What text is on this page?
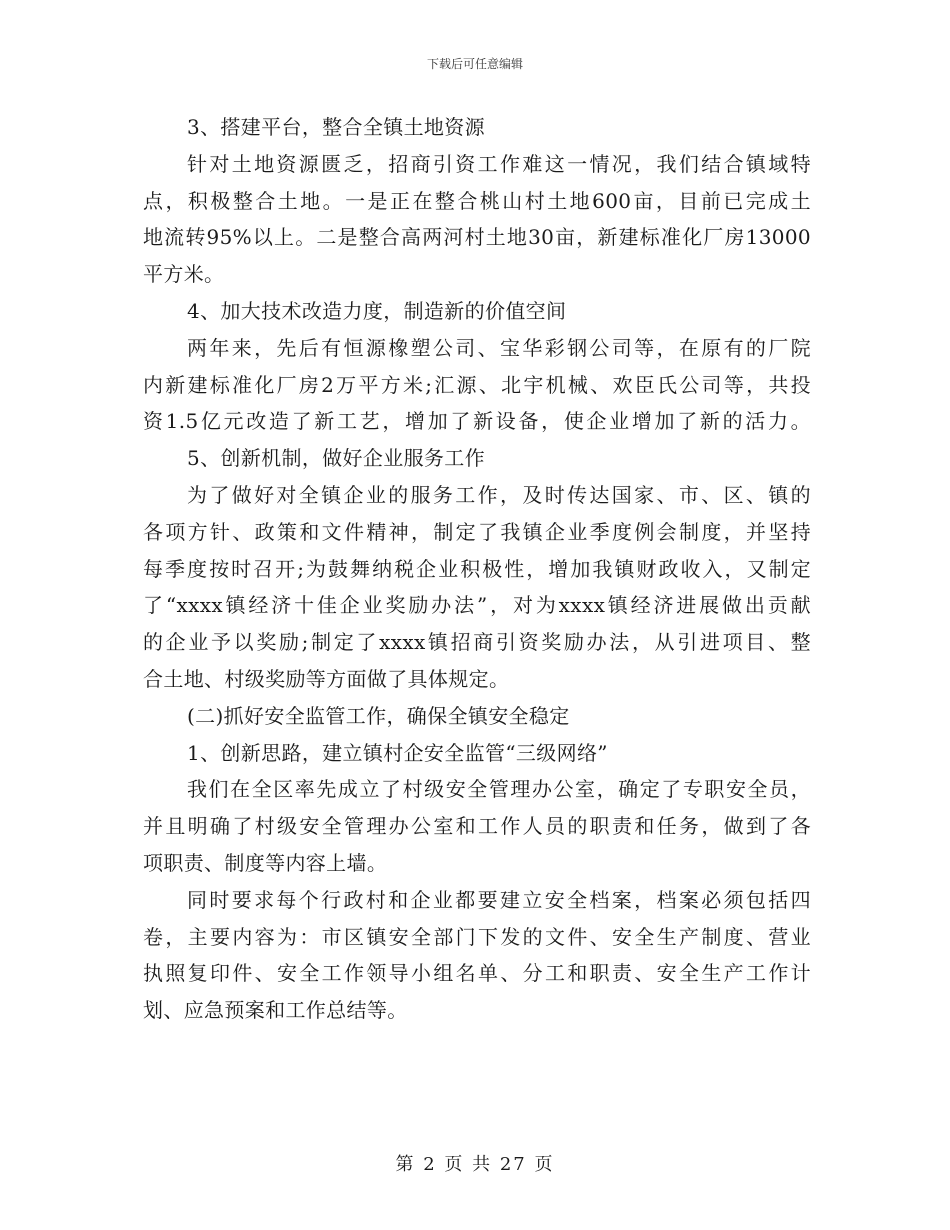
下载后可任意编辑
3、搭建平台，整合全镇土地资源
针对土地资源匮乏，招商引资工作难这一情况，我们结合镇域特
点，积极整合土地。一是正在整合桃山村土地600亩，目前已完成土
地流转95%以上。二是整合高两河村土地30亩，新建标准化厂房13000
平方米。
4、加大技术改造力度，制造新的价值空间
两年来，先后有恒源橡塑公司、宝华彩钢公司等，在原有的厂院
内新建标准化厂房2万平方米;汇源、北宇机械、欢臣氏公司等，共投
资1.5亿元改造了新工艺，增加了新设备，使企业增加了新的活力。
5、创新机制，做好企业服务工作
为了做好对全镇企业的服务工作，及时传达国家、市、区、镇的
各项方针、政策和文件精神，制定了我镇企业季度例会制度，并坚持
每季度按时召开;为鼓舞纳税企业积极性，增加我镇财政收入，又制定
了“xxxx镇经济十佳企业奖励办法”，对为xxxx镇经济进展做出贡献
的企业予以奖励;制定了xxxx镇招商引资奖励办法，从引进项目、整
合土地、村级奖励等方面做了具体规定。
(二)抓好安全监管工作，确保全镇安全稳定
1、创新思路，建立镇村企安全监管“三级网络”
我们在全区率先成立了村级安全管理办公室，确定了专职安全员，
并且明确了村级安全管理办公室和工作人员的职责和任务，做到了各
项职责、制度等内容上墙。
同时要求每个行政村和企业都要建立安全档案，档案必须包括四
卷，主要内容为：市区镇安全部门下发的文件、安全生产制度、营业
执照复印件、安全工作领导小组名单、分工和职责、安全生产工作计
划、应急预案和工作总结等。
第 2 页 共 27 页
